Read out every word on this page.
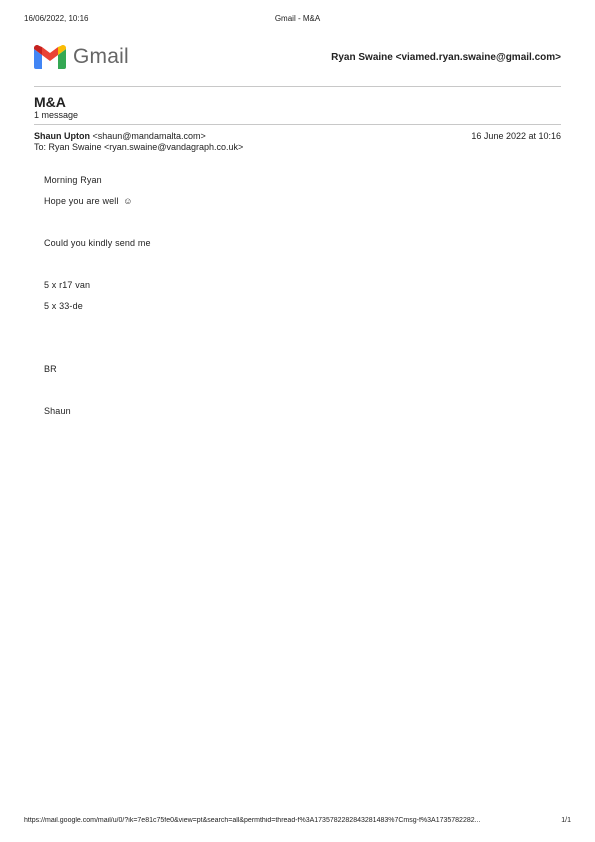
16/06/2022, 10:16	Gmail - M&A
Gmail	Ryan Swaine <viamed.ryan.swaine@gmail.com>
M&A
1 message
Shaun Upton <shaun@mandamalta.com>	16 June 2022 at 10:16
To: Ryan Swaine <ryan.swaine@vandagraph.co.uk>
Morning Ryan
Hope you are well ☺
Could you kindly send me
5 x r17 van
5 x 33-de
BR
Shaun
https://mail.google.com/mail/u/0/?ik=7e81c75fe0&view=pt&search=all&permthid=thread-f%3A1735782282843281483%7Cmsg-f%3A1735782282...	1/1
